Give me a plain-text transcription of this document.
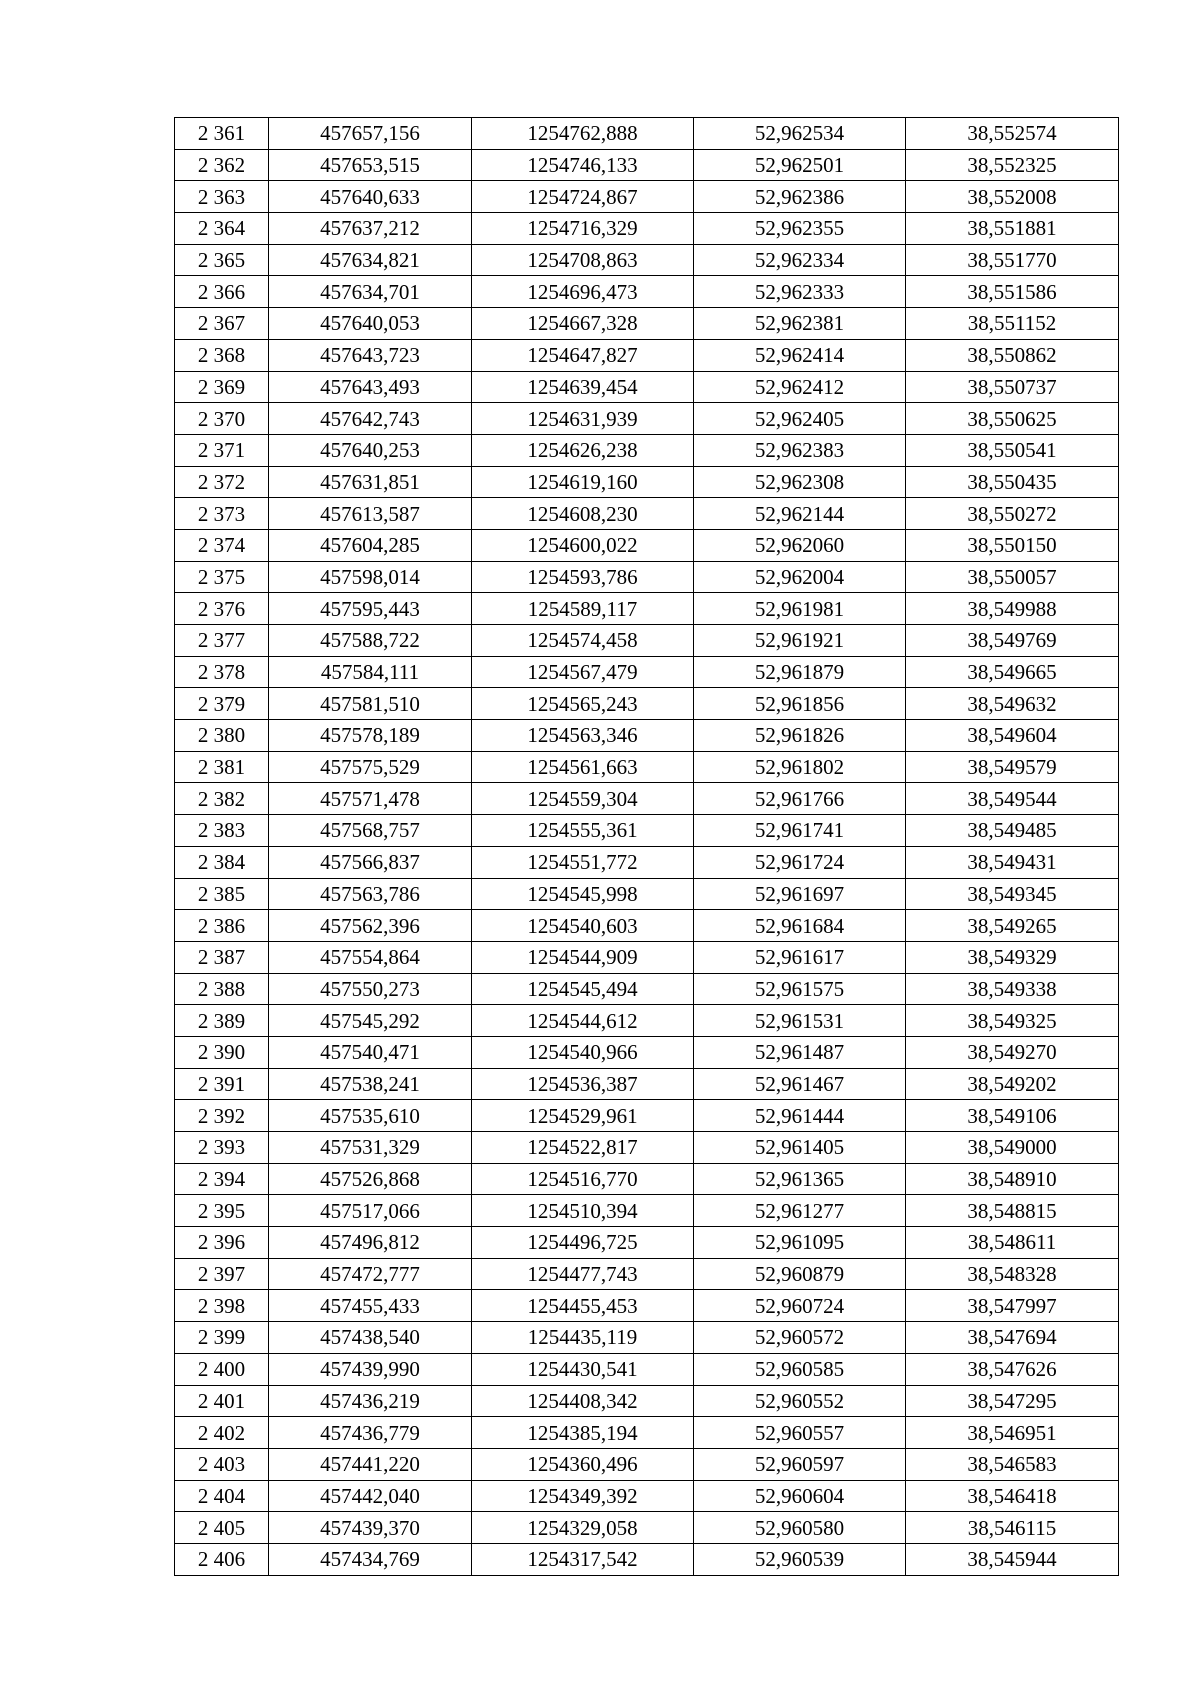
2 361	457657,156	1254762,888	52,962534	38,552574
2 362	457653,515	1254746,133	52,962501	38,552325
2 363	457640,633	1254724,867	52,962386	38,552008
2 364	457637,212	1254716,329	52,962355	38,551881
2 365	457634,821	1254708,863	52,962334	38,551770
2 366	457634,701	1254696,473	52,962333	38,551586
2 367	457640,053	1254667,328	52,962381	38,551152
2 368	457643,723	1254647,827	52,962414	38,550862
2 369	457643,493	1254639,454	52,962412	38,550737
2 370	457642,743	1254631,939	52,962405	38,550625
2 371	457640,253	1254626,238	52,962383	38,550541
2 372	457631,851	1254619,160	52,962308	38,550435
2 373	457613,587	1254608,230	52,962144	38,550272
2 374	457604,285	1254600,022	52,962060	38,550150
2 375	457598,014	1254593,786	52,962004	38,550057
2 376	457595,443	1254589,117	52,961981	38,549988
2 377	457588,722	1254574,458	52,961921	38,549769
2 378	457584,111	1254567,479	52,961879	38,549665
2 379	457581,510	1254565,243	52,961856	38,549632
2 380	457578,189	1254563,346	52,961826	38,549604
2 381	457575,529	1254561,663	52,961802	38,549579
2 382	457571,478	1254559,304	52,961766	38,549544
2 383	457568,757	1254555,361	52,961741	38,549485
2 384	457566,837	1254551,772	52,961724	38,549431
2 385	457563,786	1254545,998	52,961697	38,549345
2 386	457562,396	1254540,603	52,961684	38,549265
2 387	457554,864	1254544,909	52,961617	38,549329
2 388	457550,273	1254545,494	52,961575	38,549338
2 389	457545,292	1254544,612	52,961531	38,549325
2 390	457540,471	1254540,966	52,961487	38,549270
2 391	457538,241	1254536,387	52,961467	38,549202
2 392	457535,610	1254529,961	52,961444	38,549106
2 393	457531,329	1254522,817	52,961405	38,549000
2 394	457526,868	1254516,770	52,961365	38,548910
2 395	457517,066	1254510,394	52,961277	38,548815
2 396	457496,812	1254496,725	52,961095	38,548611
2 397	457472,777	1254477,743	52,960879	38,548328
2 398	457455,433	1254455,453	52,960724	38,547997
2 399	457438,540	1254435,119	52,960572	38,547694
2 400	457439,990	1254430,541	52,960585	38,547626
2 401	457436,219	1254408,342	52,960552	38,547295
2 402	457436,779	1254385,194	52,960557	38,546951
2 403	457441,220	1254360,496	52,960597	38,546583
2 404	457442,040	1254349,392	52,960604	38,546418
2 405	457439,370	1254329,058	52,960580	38,546115
2 406	457434,769	1254317,542	52,960539	38,545944
